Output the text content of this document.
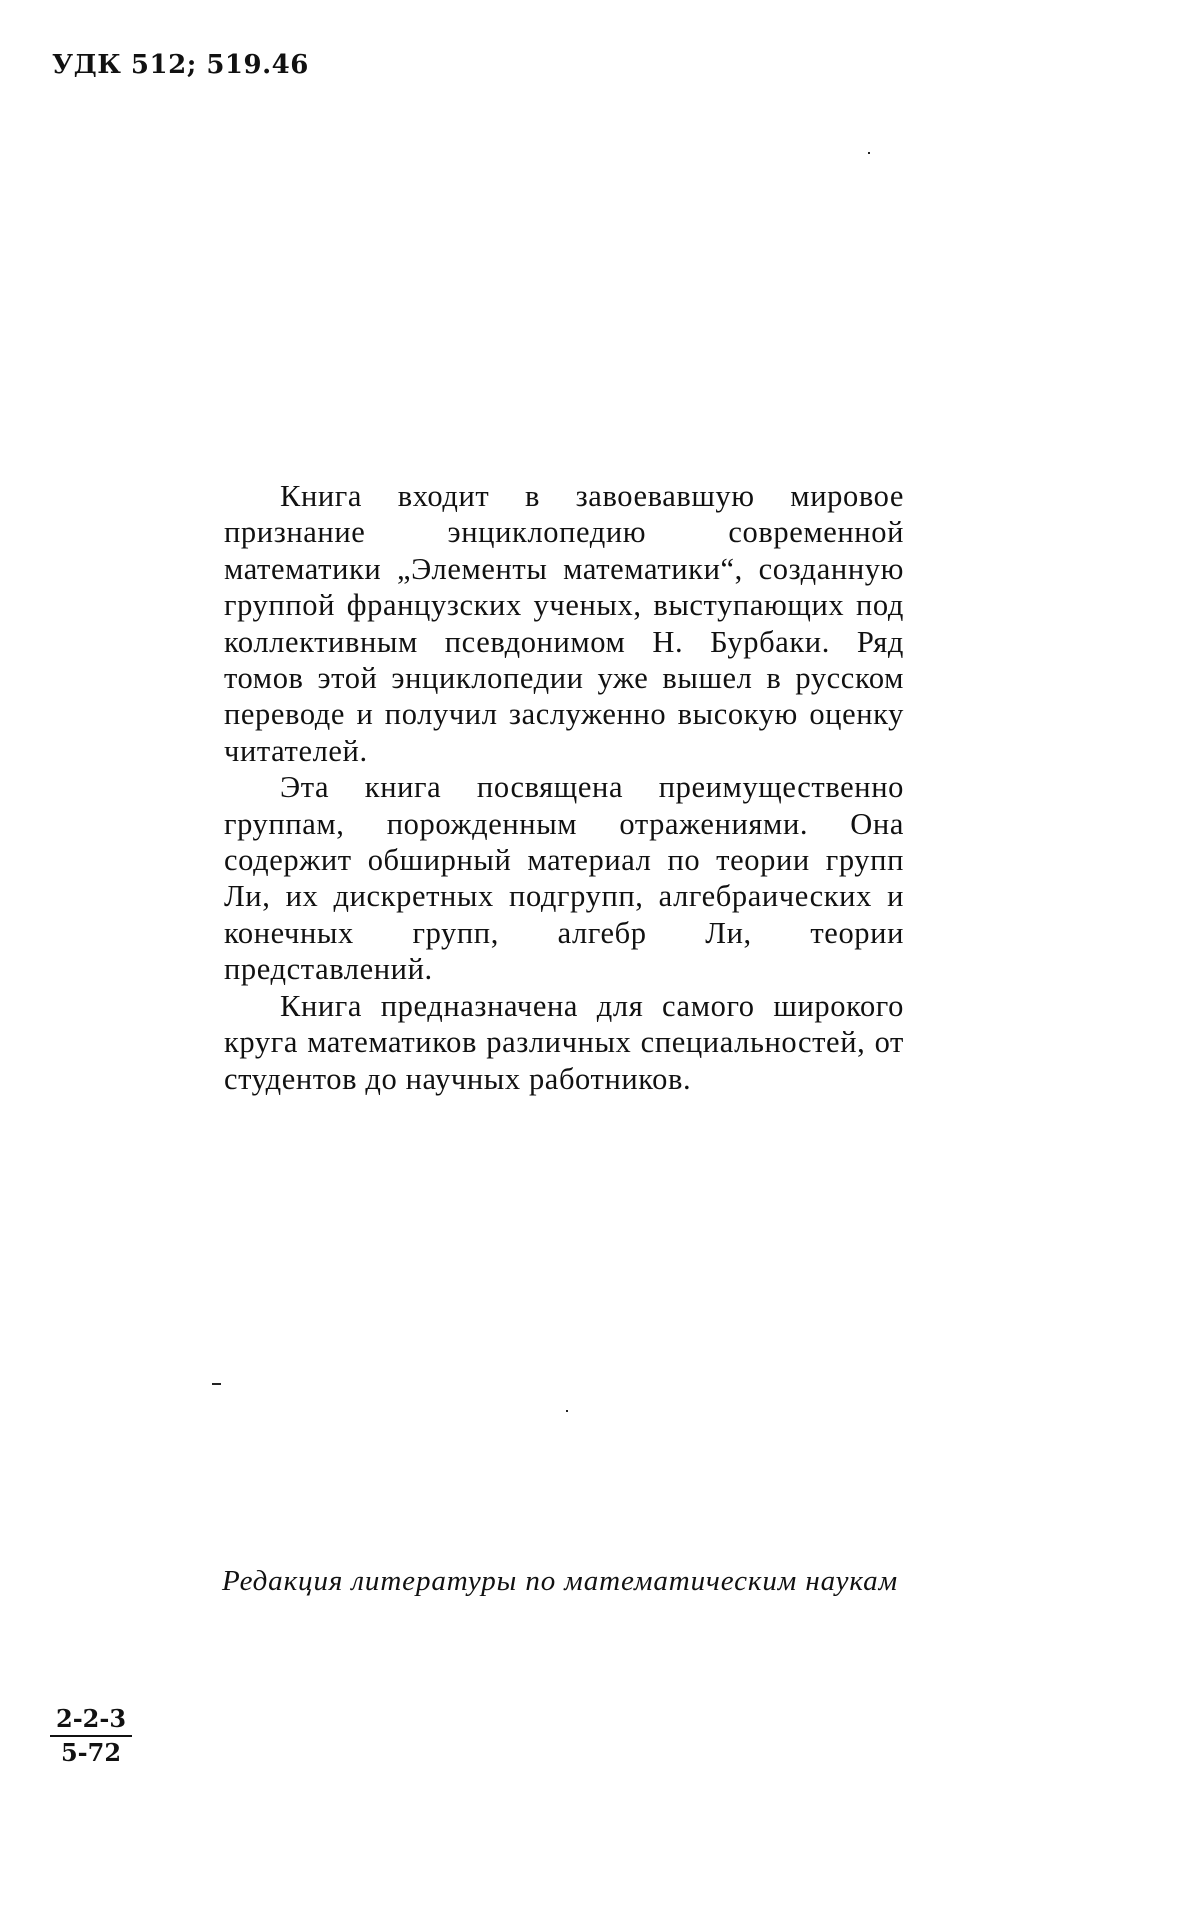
УДК 512; 519.46

Книга входит в завоевавшую мировое признание энциклопедию современной математики „Элементы математики“, созданную группой французских ученых, выступающих под коллективным псевдонимом Н. Бурбаки. Ряд томов этой энциклопедии уже вышел в русском переводе и получил заслуженно высокую оценку читателей.

Эта книга посвящена преимущественно группам, порожденным отражениями. Она содержит обширный материал по теории групп Ли, их дискретных подгрупп, алгебраических и конечных групп, алгебр Ли, теории представлений.

Книга предназначена для самого широкого круга математиков различных специальностей, от студентов до научных работников.

Редакция литературы по математическим наукам
$\frac{2-2-3}{5-72}$
